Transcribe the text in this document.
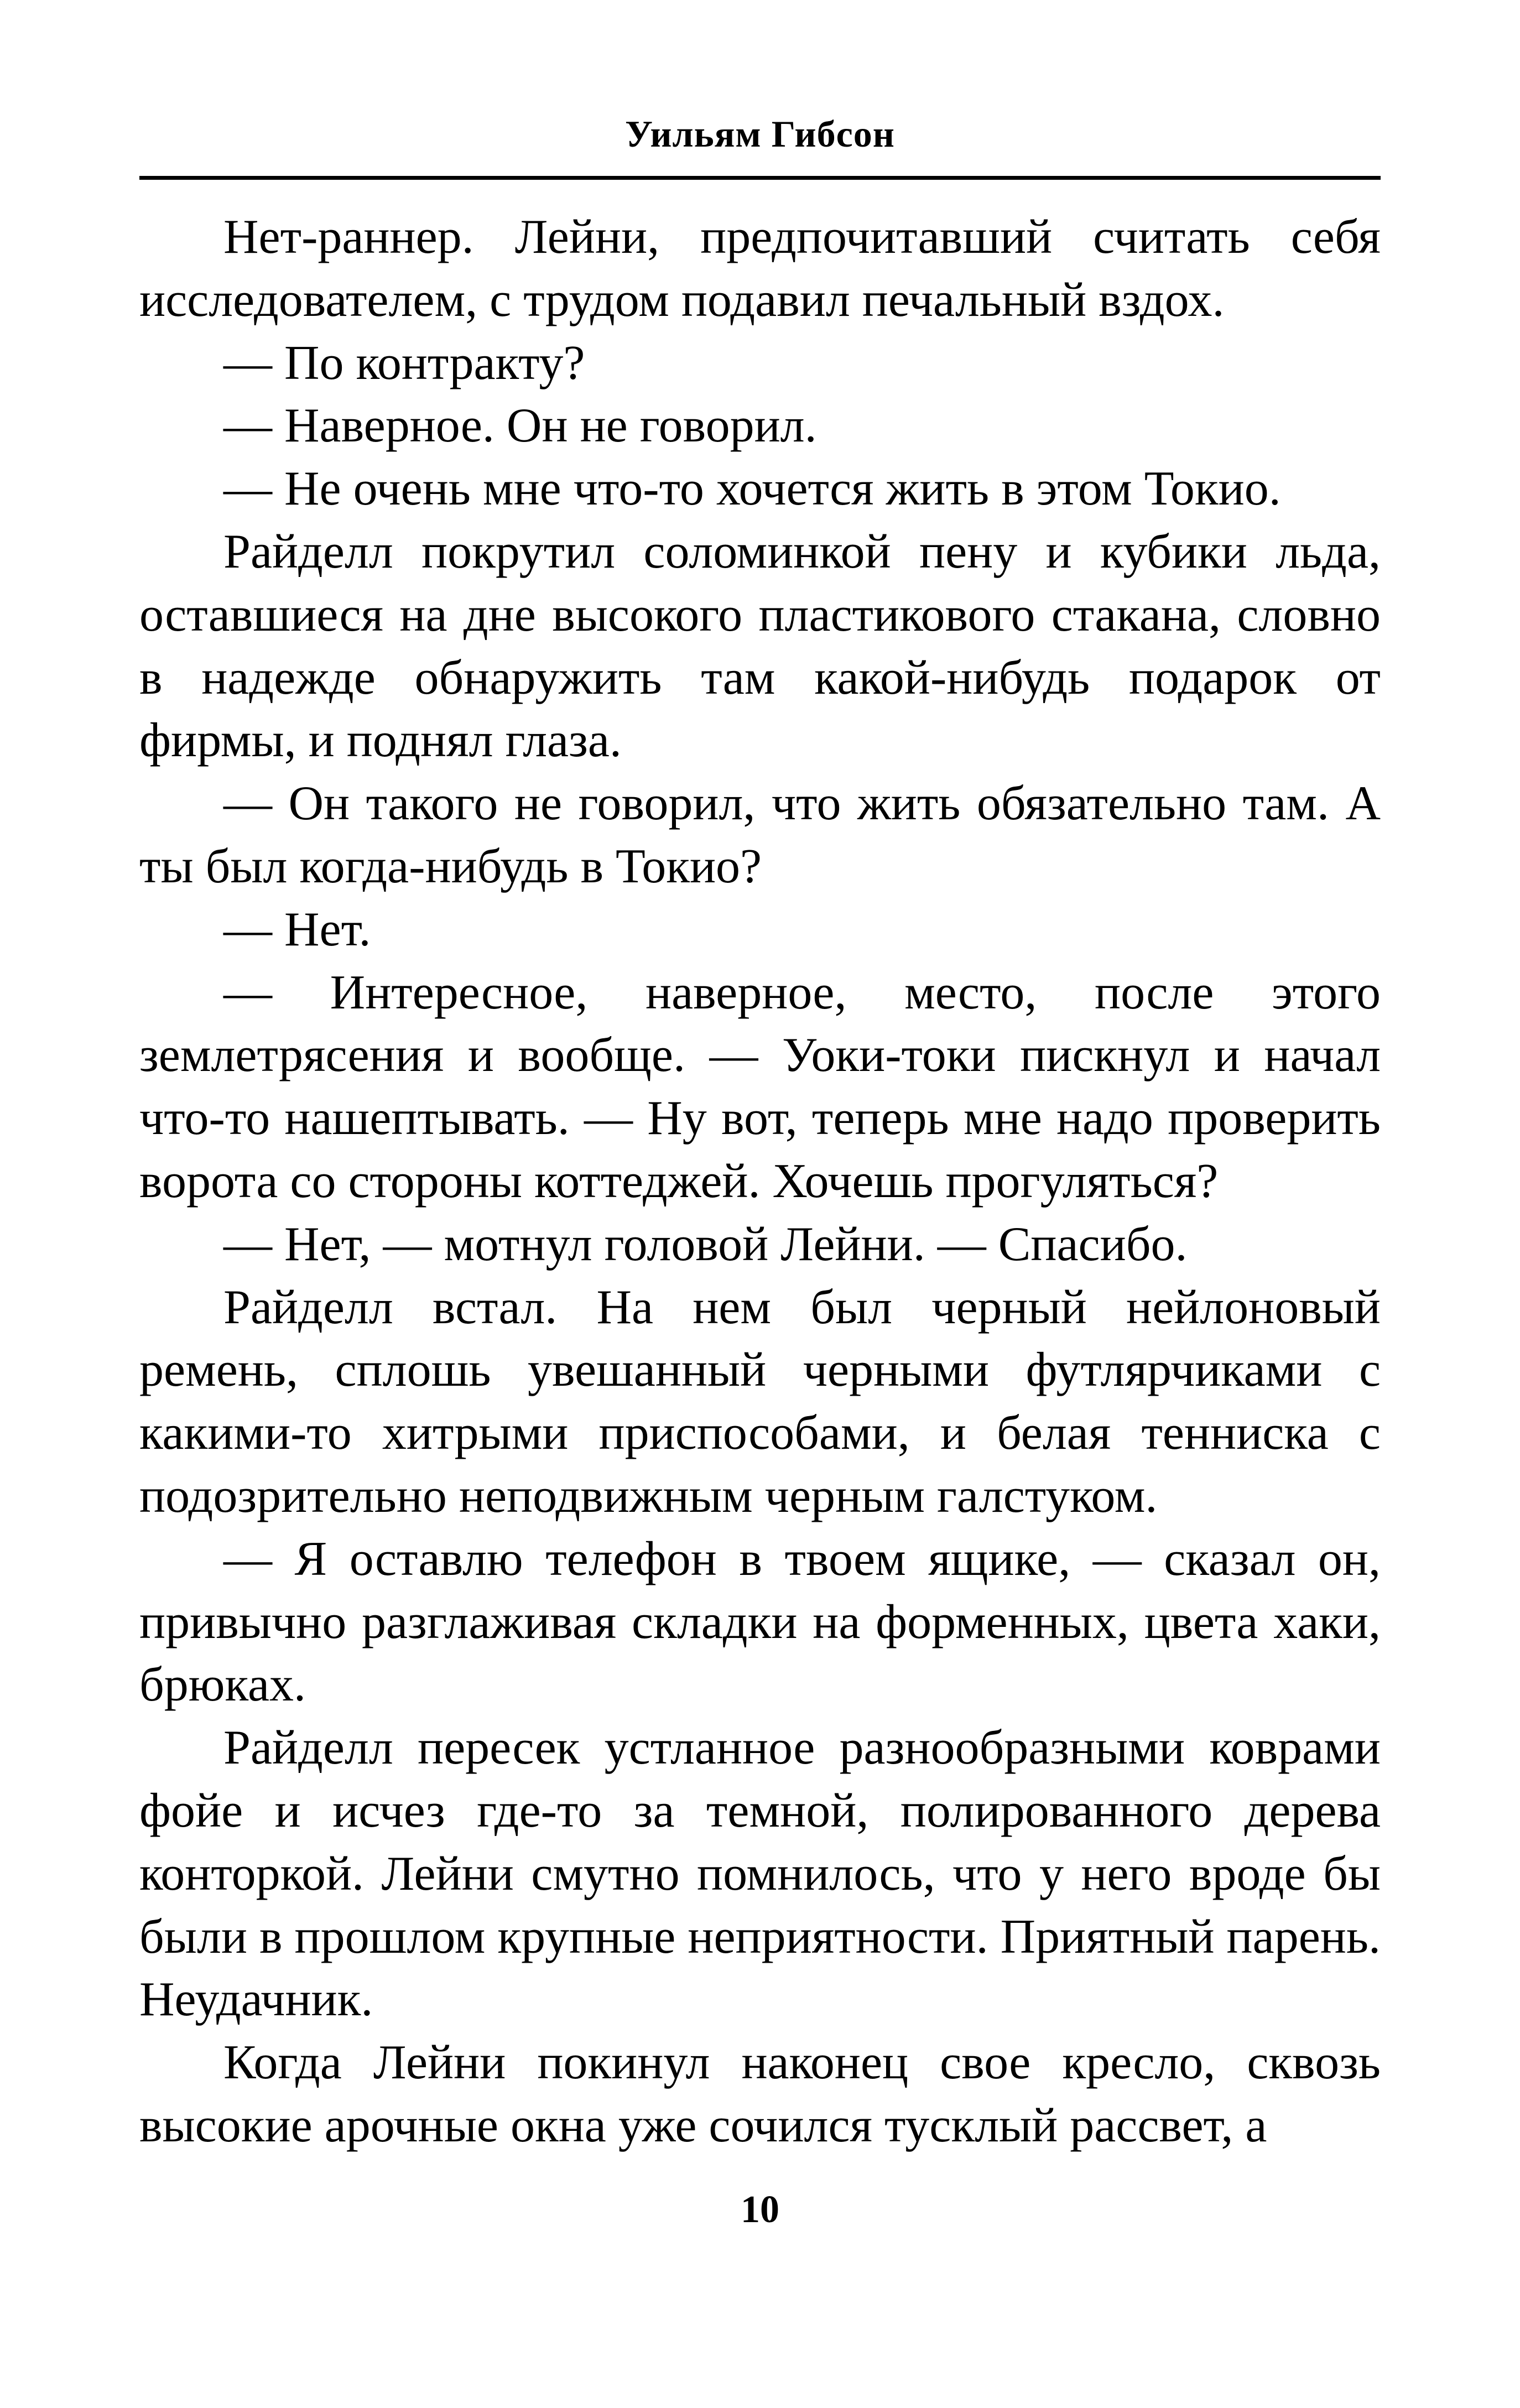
Уильям Гибсон

Нет-раннер. Лейни, предпочитавший считать себя исследователем, с трудом подавил печальный вздох.

— По контракту?

— Наверное. Он не говорил.

— Не очень мне что-то хочется жить в этом Токио.

Райделл покрутил соломинкой пену и кубики льда, оставшиеся на дне высокого пластикового стакана, словно в надежде обнаружить там какой-нибудь подарок от фирмы, и поднял глаза.

— Он такого не говорил, что жить обязательно там. А ты был когда-нибудь в Токио?

— Нет.

— Интересное, наверное, место, после этого землетрясения и вообще. — Уоки-токи пискнул и начал что-то нашептывать. — Ну вот, теперь мне надо проверить ворота со стороны коттеджей. Хочешь прогуляться?

— Нет, — мотнул головой Лейни. — Спасибо.

Райделл встал. На нем был черный нейлоновый ремень, сплошь увешанный черными футлярчиками с какими-то хитрыми приспособами, и белая тенниска с подозрительно неподвижным черным галстуком.

— Я оставлю телефон в твоем ящике, — сказал он, привычно разглаживая складки на форменных, цвета хаки, брюках.

Райделл пересек устланное разнообразными коврами фойе и исчез где-то за темной, полированного дерева конторкой. Лейни смутно помнилось, что у него вроде бы были в прошлом крупные неприятности. Приятный парень. Неудачник.

Когда Лейни покинул наконец свое кресло, сквозь высокие арочные окна уже сочился тусклый рассвет, а

10
